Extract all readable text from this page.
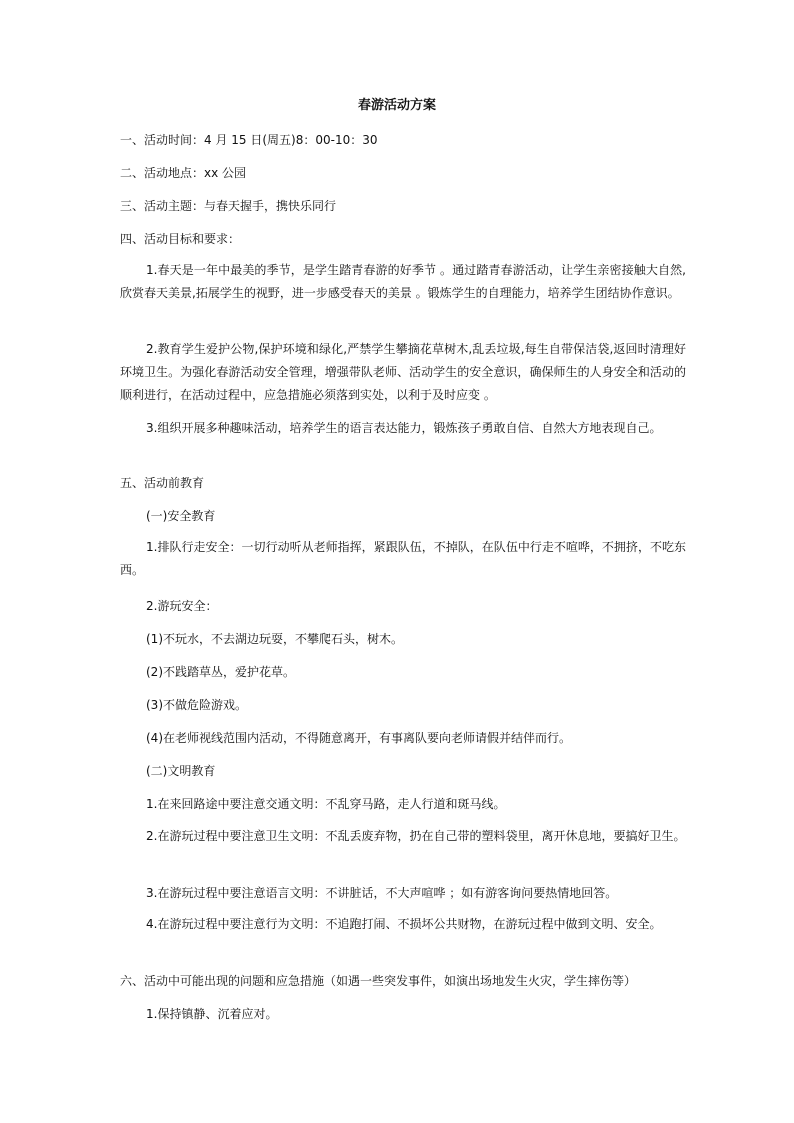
春游活动方案
一、活动时间：4 月 15 日(周五)8：00-10：30
二、活动地点：xx 公园
三、活动主题：与春天握手，携快乐同行
四、活动目标和要求：
1.春天是一年中最美的季节，是学生踏青春游的好季节 。通过踏青春游活动，让学生亲密接触大自然,欣赏春天美景,拓展学生的视野，进一步感受春天的美景 。锻炼学生的自理能力，培养学生团结协作意识。
2.教育学生爱护公物,保护环境和绿化,严禁学生攀摘花草树木,乱丢垃圾,每生自带保洁袋,返回时清理好环境卫生。为强化春游活动安全管理，增强带队老师、活动学生的安全意识，确保师生的人身安全和活动的顺利进行，在活动过程中，应急措施必须落到实处，以利于及时应变 。
3.组织开展多种趣味活动，培养学生的语言表达能力，锻炼孩子勇敢自信、自然大方地表现自己。
五、活动前教育
(一)安全教育
1.排队行走安全：一切行动听从老师指挥，紧跟队伍，不掉队，在队伍中行走不喧哗，不拥挤，不吃东西。
2.游玩安全：
(1)不玩水，不去湖边玩耍，不攀爬石头，树木。
(2)不践踏草丛，爱护花草。
(3)不做危险游戏。
(4)在老师视线范围内活动，不得随意离开，有事离队要向老师请假并结伴而行。
(二)文明教育
1.在来回路途中要注意交通文明：不乱穿马路，走人行道和斑马线。
2.在游玩过程中要注意卫生文明：不乱丢废弃物，扔在自己带的塑料袋里，离开休息地，要搞好卫生。
3.在游玩过程中要注意语言文明：不讲脏话，不大声喧哗 ；如有游客询问要热情地回答。
4.在游玩过程中要注意行为文明：不追跑打闹、不损坏公共财物，在游玩过程中做到文明、安全。
六、活动中可能出现的问题和应急措施（如遇一些突发事件，如演出场地发生火灾，学生摔伤等）
1.保持镇静、沉着应对。
